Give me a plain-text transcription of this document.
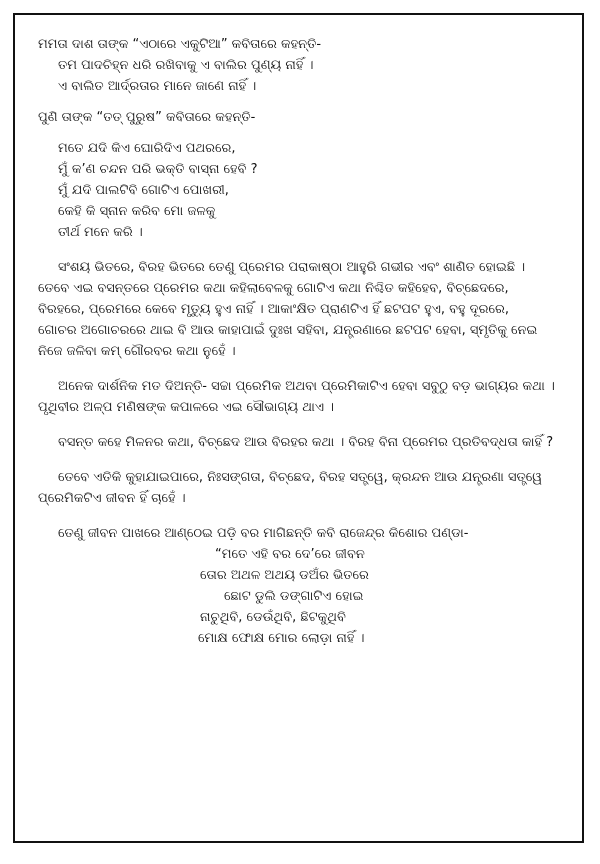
ମମତା ଦାଶ ତାଙ୍କ “ଏଠାରେ ଏକୁଟିଆ” କବିତାରେ କହନ୍ତି-
ତମ ପାଦଚିହ୍ନ ଧରି ରଖିବାକୁ ଏ ବାଲିର ପୁଣ୍ୟ ନାହିଁ ।
ଏ ବାଲିତ ଆର୍ଦ୍ରତାର ମାନେ ଜାଣେ ନାହିଁ ।
ପୁଣି ତାଙ୍କ “ତତ୍ ପୁରୁଷ” କବିତାରେ କହନ୍ତି-
ମତେ ଯଦି କିଏ ଘୋରିଦିଏ ପଥରରେ,
ମୁଁ କ’ଣ ଚନ୍ଦନ ପରି ଭକ୍ତି ବାସ୍ନା ହେବି ?
ମୁଁ ଯଦି ପାଲଟିବି ଗୋଟିଏ ପୋଖରୀ,
କେହି କି ସ୍ନାନ କରିବ ମୋ ଜଳକୁ
ତୀର୍ଥ ମନେ କରି ।
ସଂଶୟ ଭିତରେ, ବିରହ ଭିତରେ ତେଣୁ ପ୍ରେମର ପରାକାଷ୍ଠା ଆହୁରି ଗଭୀର ଏବଂ ଶାଣିତ ହୋଇଛି ।
ତେବେ ଏଇ ବସନ୍ତରେ ପ୍ରେମର କଥା କହିଲାବେଳକୁ ଗୋଟିଏ କଥା ନିଶ୍ଚିତ କହିହେବ, ବିଚ୍ଛେଦରେ,
ବିରହରେ, ପ୍ରେମରେ କେବେ ମୃତ୍ୟୁ ହୁଏ ନାହିଁ । ଆକାଂକ୍ଷିତ ପ୍ରାଣଟିଏ ହିଁ ଛଟପଟ ହୁଏ, ବହୁ ଦୂରରେ,
ଗୋଚର ଅଗୋଚରରେ ଥାଇ ବି ଆଉ କାହାପାଇଁ ଦୁଃଖ ସହିବା, ଯନ୍ତ୍ରଣାରେ ଛଟପଟ ହେବା, ସ୍ମୃତିକୁ ନେଇ
ନିଜେ ଜଳିବା କମ୍ ଗୌରବର କଥା ନୁହେଁ ।
ଅନେକ ଦାର୍ଶନିକ ମତ ଦିଅନ୍ତି- ସଚ୍ଚା ପ୍ରେମିକ ଅଥବା ପ୍ରେମିକାଟିଏ ହେବା ସବୁଠୁ ବଡ଼ ଭାଗ୍ୟର କଥା ।
ପୃଥିବୀର ଅଳ୍ପ ମଣିଷଙ୍କ କପାଳରେ ଏଇ ସୌଭାଗ୍ୟ ଥାଏ ।
ବସନ୍ତ କହେ ମିଳନର କଥା, ବିଚ୍ଛେଦ ଆଉ ବିରହର କଥା । ବିରହ ବିନା ପ୍ରେମର ପ୍ରତିବଦ୍ଧତା କାହିଁ ?
ତେବେ ଏତିକି କୁହାଯାଇପାରେ, ନିଃସଙ୍ଗତା, ବିଚ୍ଛେଦ, ବିରହ ସତ୍ତ୍ୱେ, କ୍ରନ୍ଦନ ଆଉ ଯନ୍ତ୍ରଣା ସତ୍ତ୍ୱେ
ପ୍ରେମିକଟିଏ ଜୀବନ ହିଁ ଚାହେଁ ।
ତେଣୁ ଜୀବନ ପାଖରେ ଆଣ୍ଠେଇ ପଡ଼ି ବର ମାଗିଛନ୍ତି କବି ରାଜେନ୍ଦ୍ର କିଶୋର ପଣ୍ଡା-
“ମତେ ଏହି ବର ଦେ’ରେ ଜୀବନ
ତୋର ଅଥଳ ଅଥୟ ଡଅଁର ଭିତରେ
ଛୋଟ ଡୁଲି ଡଙ୍ଗାଟିଏ ହୋଇ
ନାଚୁଥିବି, ଡେଉଁଥିବି, ଛିଟକୁଥିବି
ମୋକ୍ଷ ଫୋକ୍ଷ ମୋର ଲୋଡ଼ା ନାହିଁ ।
